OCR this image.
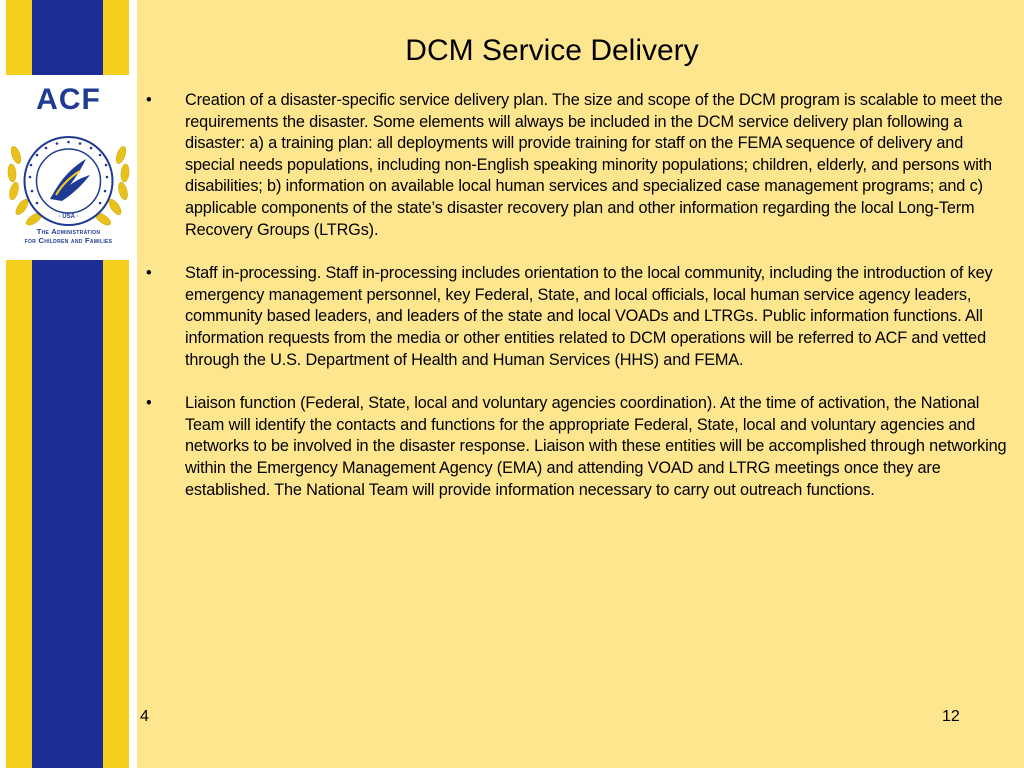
ACF
· USA ·
The Administration
for Children and Families
DCM Service Delivery
• Creation of a disaster-specific service delivery plan. The size and scope of the DCM program is scalable to meet the requirements the disaster. Some elements will always be included in the DCM service delivery plan following a disaster: a) a training plan: all deployments will provide training for staff on the FEMA sequence of delivery and special needs populations, including non-English speaking minority populations; children, elderly, and persons with disabilities; b) information on available local human services and specialized case management programs; and c) applicable components of the state’s disaster recovery plan and other information regarding the local Long-Term Recovery Groups (LTRGs).
• Staff in-processing. Staff in-processing includes orientation to the local community, including the introduction of key emergency management personnel, key Federal, State, and local officials, local human service agency leaders, community based leaders, and leaders of the state and local VOADs and LTRGs. Public information functions. All information requests from the media or other entities related to DCM operations will be referred to ACF and vetted through the U.S. Department of Health and Human Services (HHS) and FEMA.
• Liaison function (Federal, State, local and voluntary agencies coordination). At the time of activation, the National Team will identify the contacts and functions for the appropriate Federal, State, local and voluntary agencies and networks to be involved in the disaster response. Liaison with these entities will be accomplished through networking within the Emergency Management Agency (EMA) and attending VOAD and LTRG meetings once they are established. The National Team will provide information necessary to carry out outreach functions.
4	12
